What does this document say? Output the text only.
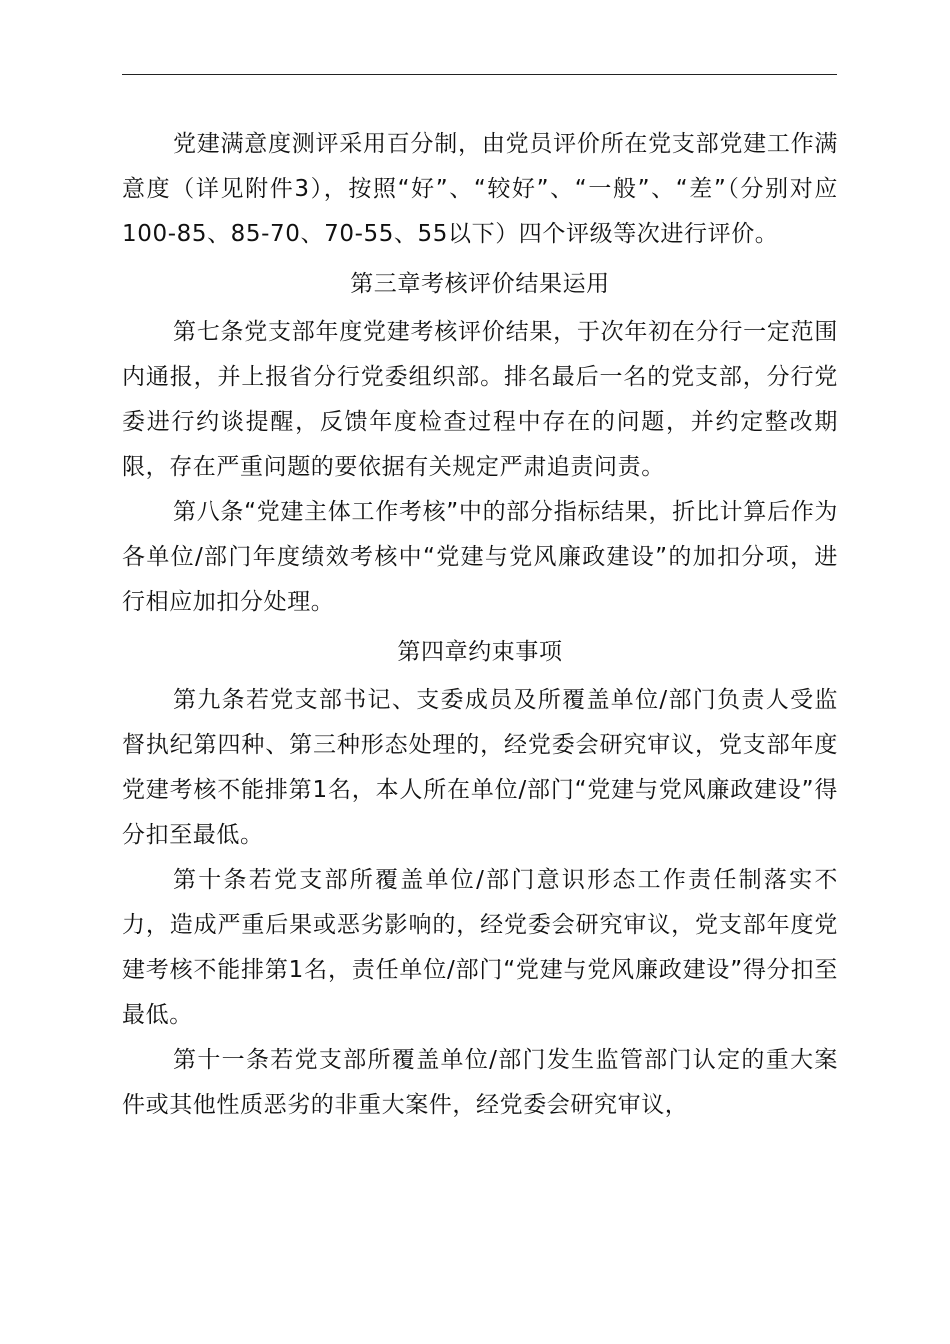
党建满意度测评采用百分制，由党员评价所在党支部党建工作满意度（详见附件3），按照“好”、“较好”、“一般”、“差”（分别对应100-85、85-70、70-55、55以下）四个评级等次进行评价。

第三章考核评价结果运用

第七条党支部年度党建考核评价结果，于次年初在分行一定范围内通报，并上报省分行党委组织部。排名最后一名的党支部，分行党委进行约谈提醒，反馈年度检查过程中存在的问题，并约定整改期限，存在严重问题的要依据有关规定严肃追责问责。

第八条“党建主体工作考核”中的部分指标结果，折比计算后作为各单位/部门年度绩效考核中“党建与党风廉政建设”的加扣分项，进行相应加扣分处理。

第四章约束事项

第九条若党支部书记、支委成员及所覆盖单位/部门负责人受监督执纪第四种、第三种形态处理的，经党委会研究审议，党支部年度党建考核不能排第1名，本人所在单位/部门“党建与党风廉政建设”得分扣至最低。

第十条若党支部所覆盖单位/部门意识形态工作责任制落实不力，造成严重后果或恶劣影响的，经党委会研究审议，党支部年度党建考核不能排第1名，责任单位/部门“党建与党风廉政建设”得分扣至最低。

第十一条若党支部所覆盖单位/部门发生监管部门认定的重大案件或其他性质恶劣的非重大案件，经党委会研究审议，
